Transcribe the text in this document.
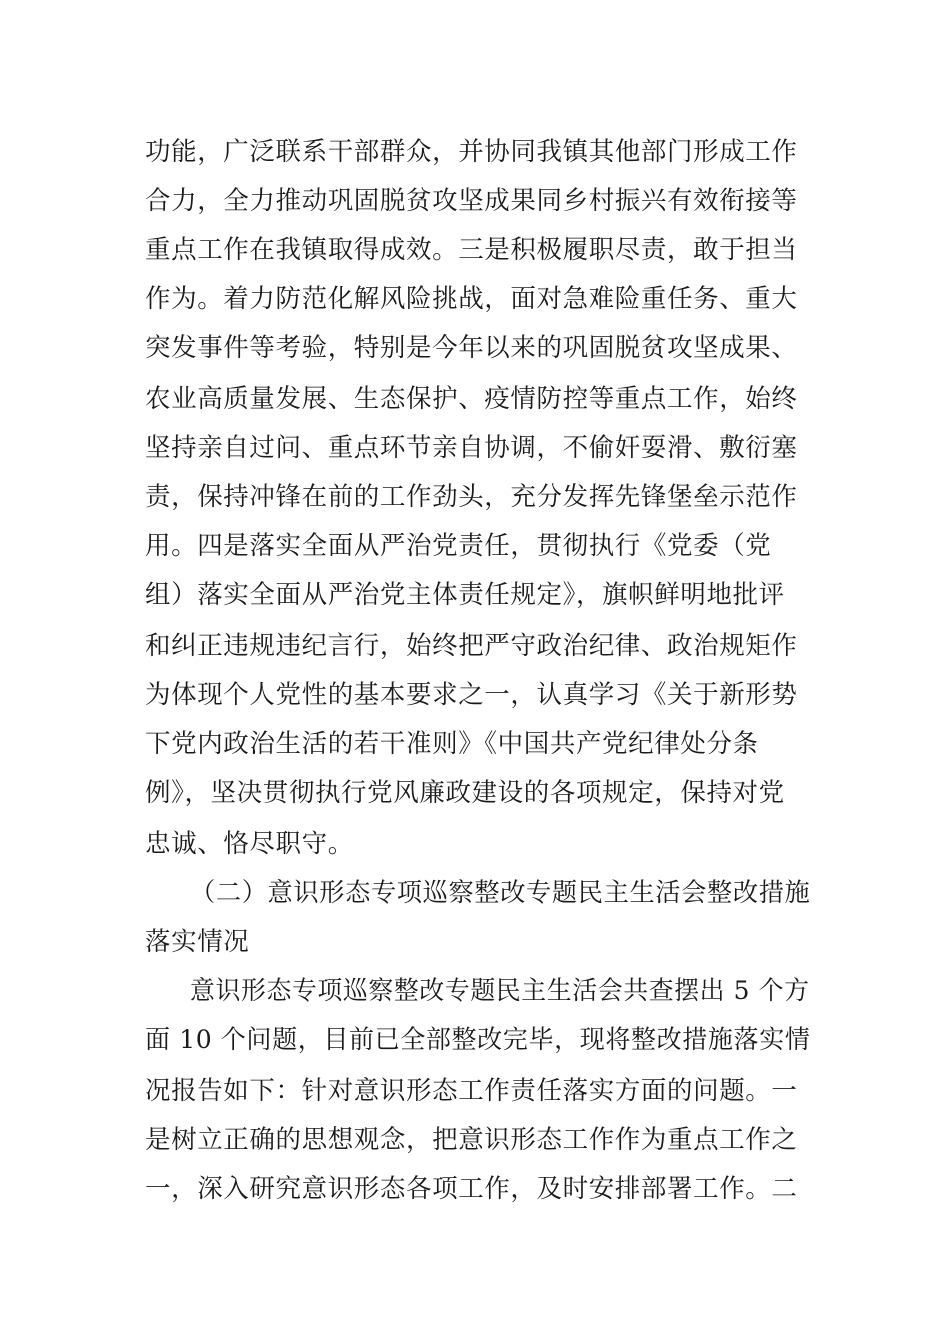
功能，广泛联系干部群众，并协同我镇其他部门形成工作
合力，全力推动巩固脱贫攻坚成果同乡村振兴有效衔接等
重点工作在我镇取得成效。三是积极履职尽责，敢于担当
作为。着力防范化解风险挑战，面对急难险重任务、重大
突发事件等考验，特别是今年以来的巩固脱贫攻坚成果、
农业高质量发展、生态保护、疫情防控等重点工作，始终
坚持亲自过问、重点环节亲自协调，不偷奸耍滑、敷衍塞
责，保持冲锋在前的工作劲头，充分发挥先锋堡垒示范作
用。四是落实全面从严治党责任，贯彻执行《党委（党
组）落实全面从严治党主体责任规定》，旗帜鲜明地批评
和纠正违规违纪言行，始终把严守政治纪律、政治规矩作
为体现个人党性的基本要求之一，认真学习《关于新形势
下党内政治生活的若干准则》《中国共产党纪律处分条
例》，坚决贯彻执行党风廉政建设的各项规定，保持对党
忠诚、恪尽职守。
（二）意识形态专项巡察整改专题民主生活会整改措施
落实情况
意识形态专项巡察整改专题民主生活会共查摆出 5 个方
面 10 个问题，目前已全部整改完毕，现将整改措施落实情
况报告如下：针对意识形态工作责任落实方面的问题。一
是树立正确的思想观念，把意识形态工作作为重点工作之
一，深入研究意识形态各项工作，及时安排部署工作。二
